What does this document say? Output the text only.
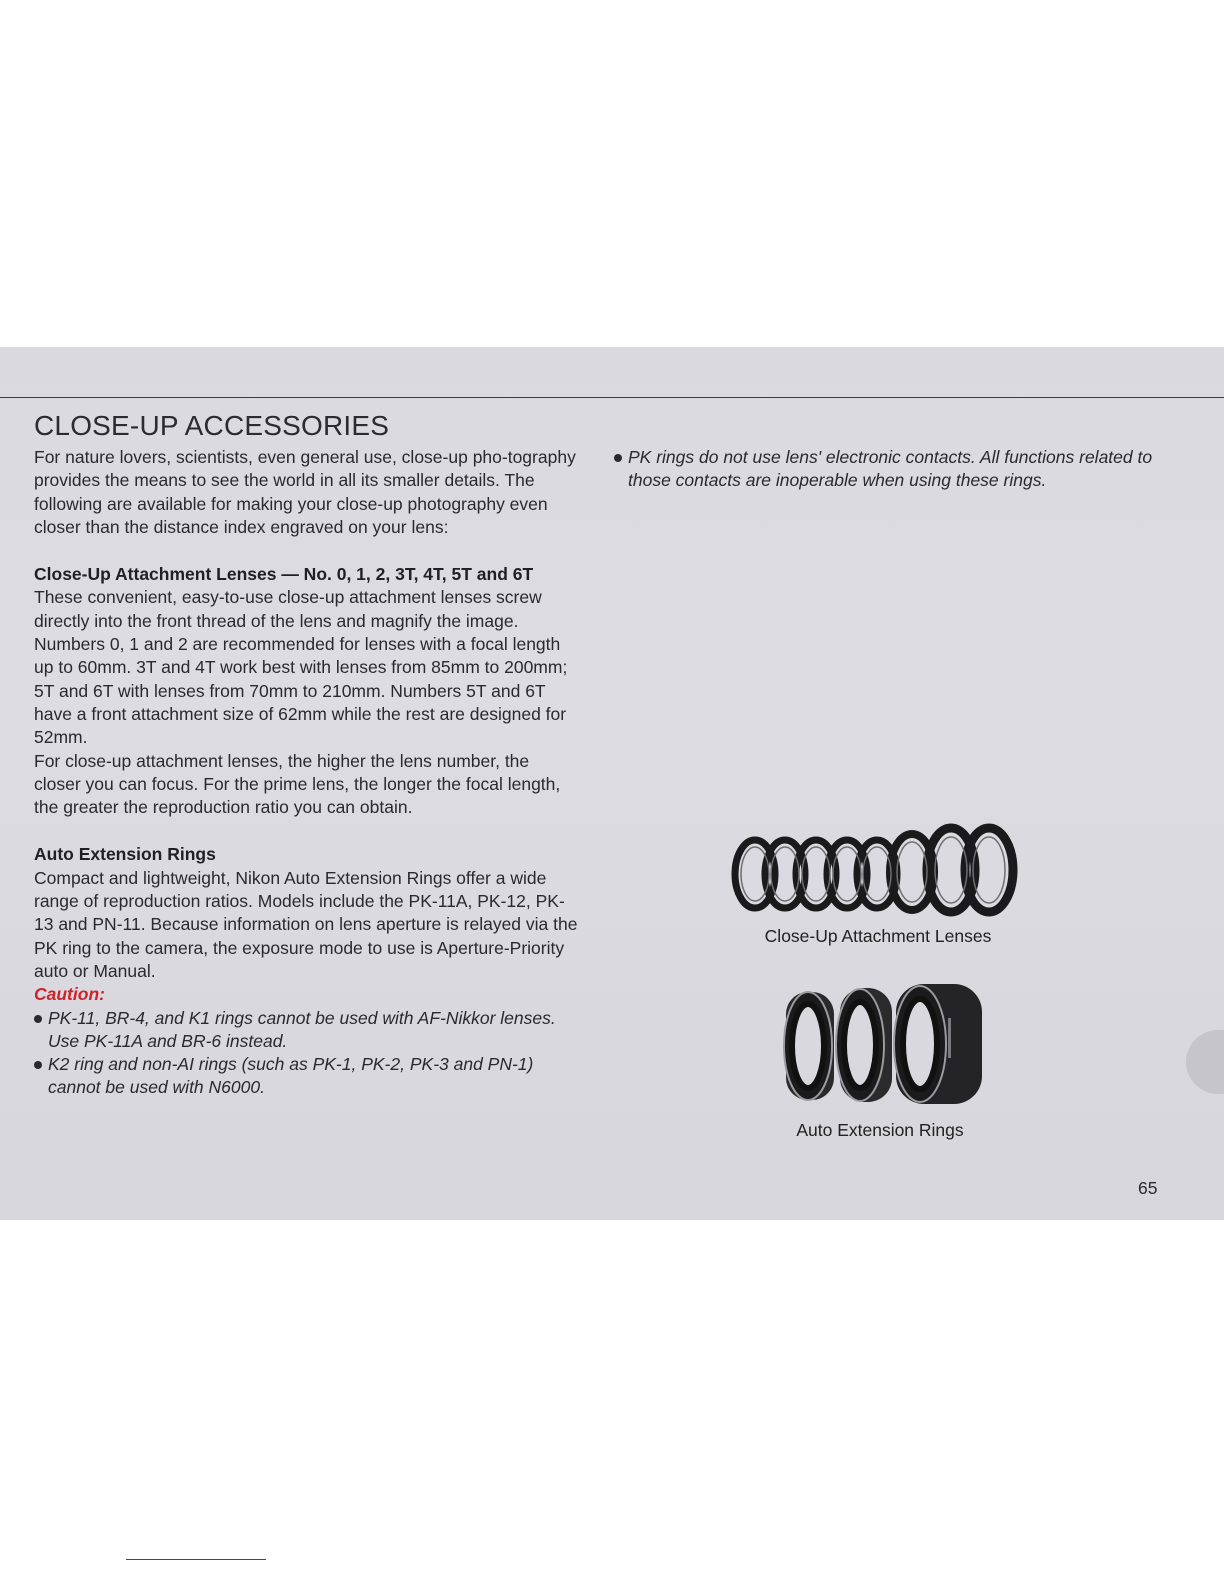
CLOSE-UP ACCESSORIES

For nature lovers, scientists, even general use, close-up pho-tography provides the means to see the world in all its smaller details. The following are available for making your close-up photography even closer than the distance index engraved on your lens:

Close-Up Attachment Lenses — No. 0, 1, 2, 3T, 4T, 5T and 6T

These convenient, easy-to-use close-up attachment lenses screw directly into the front thread of the lens and magnify the image.

Numbers 0, 1 and 2 are recommended for lenses with a focal length up to 60mm. 3T and 4T work best with lenses from 85mm to 200mm; 5T and 6T with lenses from 70mm to 210mm. Numbers 5T and 6T have a front attachment size of 62mm while the rest are designed for 52mm.

For close-up attachment lenses, the higher the lens number, the closer you can focus. For the prime lens, the longer the focal length, the greater the reproduction ratio you can obtain.

Auto Extension Rings

Compact and lightweight, Nikon Auto Extension Rings offer a wide range of reproduction ratios. Models include the PK-11A, PK-12, PK-13 and PN-11. Because information on lens aperture is relayed via the PK ring to the camera, the exposure mode to use is Aperture-Priority auto or Manual.

Caution:
PK-11, BR-4, and K1 rings cannot be used with AF-Nikkor lenses. Use PK-11A and BR-6 instead.
K2 ring and non-AI rings (such as PK-1, PK-2, PK-3 and PN-1) cannot be used with N6000.
PK rings do not use lens' electronic contacts. All functions related to those contacts are inoperable when using these rings.
Close-Up Attachment Lenses
Auto Extension Rings
65
